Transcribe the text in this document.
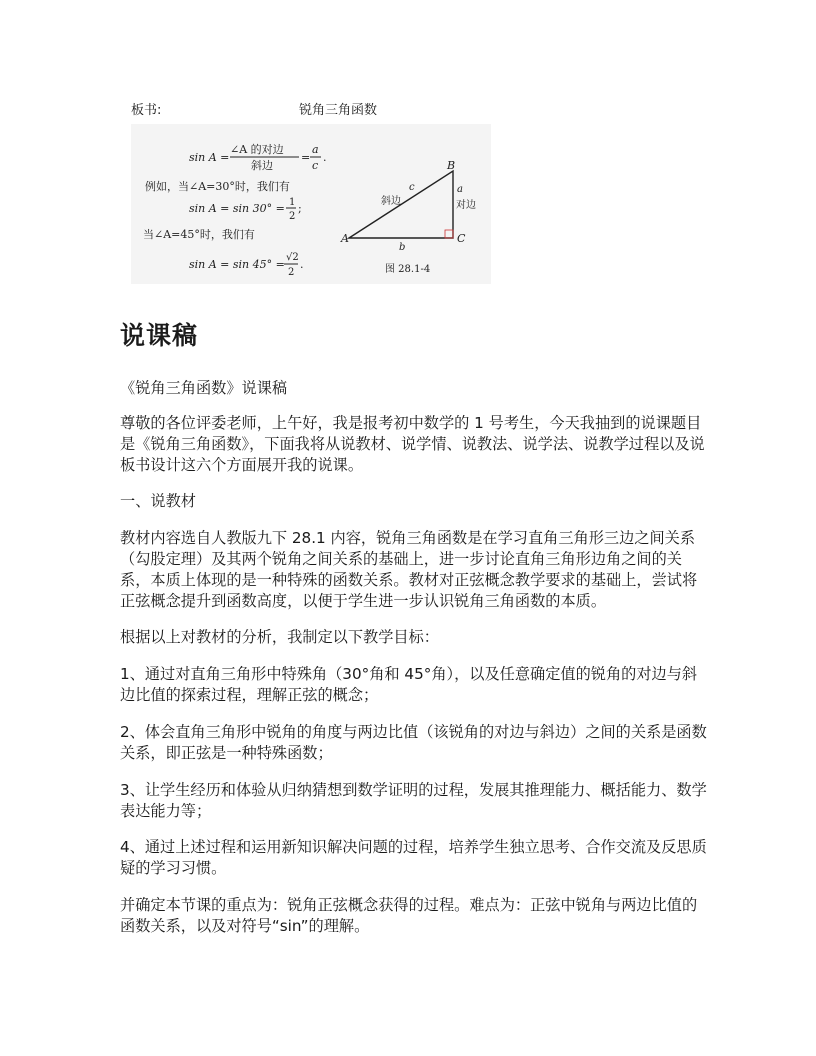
板书:	锐角三角函数
sin A =
∠A 的对边
斜边
=
a
c
.
例如，当∠A=30°时，我们有
sin A = sin 30° = 1
2
;
当∠A=45°时，我们有
sin A = sin 45° =
√2
2
.
B
A	C
a
对边
b
c
斜边
图 28.1-4
说课稿

《锐角三角函数》说课稿

尊敬的各位评委老师，上午好，我是报考初中数学的 1 号考生，今天我抽到的说课题目是《锐角三角函数》，下面我将从说教材、说学情、说教法、说学法、说教学过程以及说板书设计这六个方面展开我的说课。

一、说教材

教材内容选自人教版九下 28.1 内容，锐角三角函数是在学习直角三角形三边之间关系（勾股定理）及其两个锐角之间关系的基础上，进一步讨论直角三角形边角之间的关系，本质上体现的是一种特殊的函数关系。教材对正弦概念教学要求的基础上，尝试将正弦概念提升到函数高度，以便于学生进一步认识锐角三角函数的本质。

根据以上对教材的分析，我制定以下教学目标：

1、通过对直角三角形中特殊角（30°角和 45°角），以及任意确定值的锐角的对边与斜边比值的探索过程，理解正弦的概念；

2、体会直角三角形中锐角的角度与两边比值（该锐角的对边与斜边）之间的关系是函数关系，即正弦是一种特殊函数；

3、让学生经历和体验从归纳猜想到数学证明的过程，发展其推理能力、概括能力、数学表达能力等；

4、通过上述过程和运用新知识解决问题的过程，培养学生独立思考、合作交流及反思质疑的学习习惯。

并确定本节课的重点为：锐角正弦概念获得的过程。难点为：正弦中锐角与两边比值的函数关系，以及对符号“sin”的理解。
